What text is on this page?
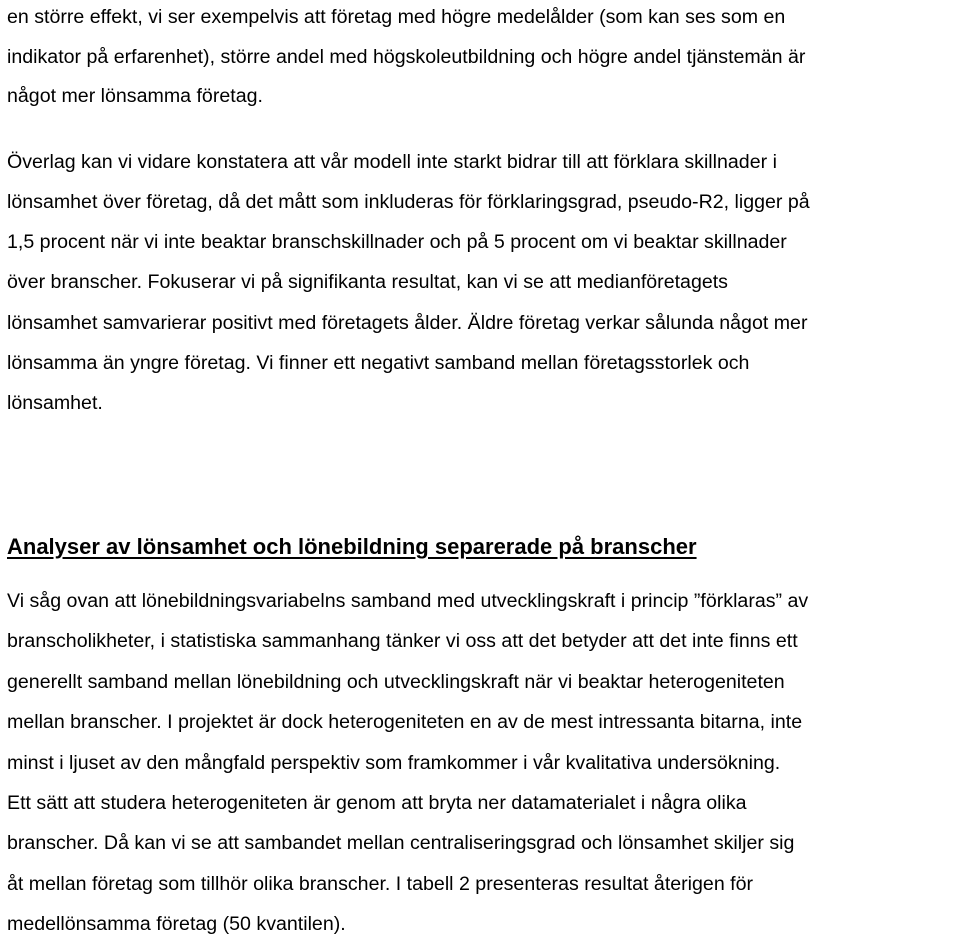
en större effekt, vi ser exempelvis att företag med högre medelålder (som kan ses som en
indikator på erfarenhet), större andel med högskoleutbildning och högre andel tjänstemän är
något mer lönsamma företag.
Överlag kan vi vidare konstatera att vår modell inte starkt bidrar till att förklara skillnader i
lönsamhet över företag, då det mått som inkluderas för förklaringsgrad, pseudo-R2, ligger på
1,5 procent när vi inte beaktar branschskillnader och på 5 procent om vi beaktar skillnader
över branscher. Fokuserar vi på signifikanta resultat, kan vi se att medianföretagets
lönsamhet samvarierar positivt med företagets ålder. Äldre företag verkar sålunda något mer
lönsamma än yngre företag. Vi finner ett negativt samband mellan företagsstorlek och
lönsamhet.
Analyser av lönsamhet och lönebildning separerade på branscher
Vi såg ovan att lönebildningsvariabelns samband med utvecklingskraft i princip ”förklaras” av
branscholikheter, i statistiska sammanhang tänker vi oss att det betyder att det inte finns ett
generellt samband mellan lönebildning och utvecklingskraft när vi beaktar heterogeniteten
mellan branscher. I projektet är dock heterogeniteten en av de mest intressanta bitarna, inte
minst i ljuset av den mångfald perspektiv som framkommer i vår kvalitativa undersökning.
Ett sätt att studera heterogeniteten är genom att bryta ner datamaterialet i några olika
branscher. Då kan vi se att sambandet mellan centraliseringsgrad och lönsamhet skiljer sig
åt mellan företag som tillhör olika branscher. I tabell 2 presenteras resultat återigen för
medellönsamma företag (50 kvantilen).
